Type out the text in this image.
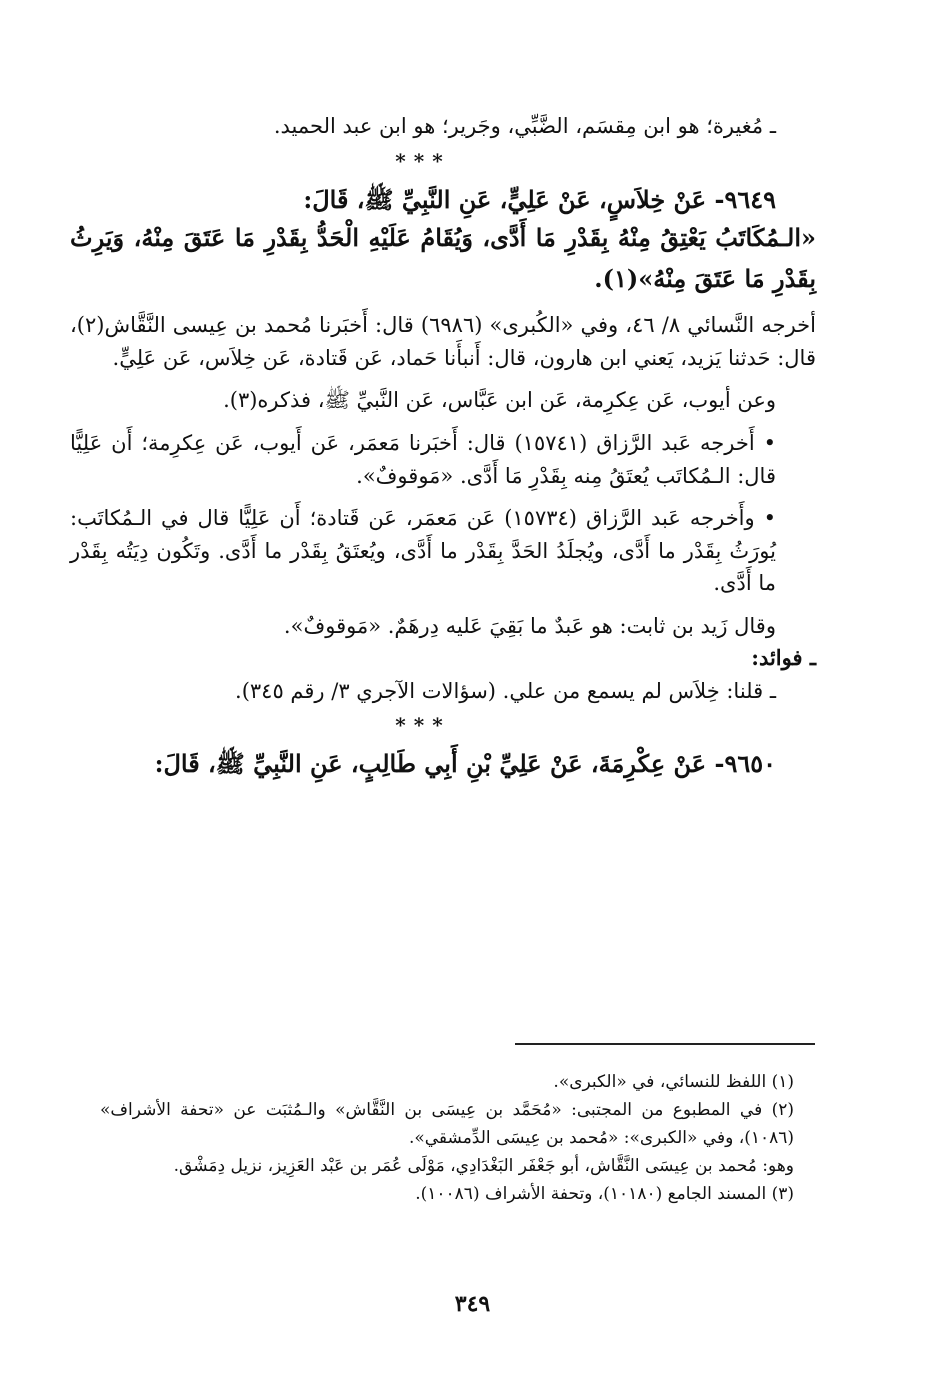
ـ مُغيرة؛ هو ابن مِقسَم، الضَّبِّي، وجَرير؛ هو ابن عبد الحميد.

***

٩٦٤٩- عَنْ خِلاَسٍ، عَنْ عَلِيٍّ، عَنِ النَّبِيِّ ﷺ، قَالَ:

«الـمُكَاتَبُ يَعْتِقُ مِنْهُ بِقَدْرِ مَا أَدَّى، وَيُقَامُ عَلَيْهِ الْحَدُّ بِقَدْرِ مَا عَتَقَ مِنْهُ، وَيَرِثُ بِقَدْرِ مَا عَتَقَ مِنْهُ»(١).

أخرجه النَّسائي ٨/ ٤٦، وفي «الكُبرى» (٦٩٨٦) قال: أَخبَرنا مُحمد بن عِيسى النَّقَّاش(٢)، قال: حَدثنا يَزيد، يَعني ابن هارون، قال: أَنبأَنا حَماد، عَن قَتادة، عَن خِلاَس، عَن عَلِيٍّ.

وعن أيوب، عَن عِكرِمة، عَن ابن عَبَّاس، عَن النَّبيِّ ﷺ، فذكره(٣).

• أَخرجه عَبد الرَّزاق (١٥٧٤١) قال: أَخبَرنا مَعمَر، عَن أَيوب، عَن عِكرِمة؛ أَن عَلِيًّا قال: الـمُكاتَب يُعتَقُ مِنه بِقَدْرِ مَا أَدَّى. «مَوقوفٌ».

• وأَخرجه عَبد الرَّزاق (١٥٧٣٤) عَن مَعمَر، عَن قَتادة؛ أَن عَلِيًّا قال في الـمُكاتَب: يُورَثُ بِقَدْر ما أَدَّى، ويُجلَدُ الحَدَّ بِقَدْر ما أَدَّى، ويُعتَقُ بِقَدْر ما أَدَّى. وتَكُون دِيَتُه بِقَدْر ما أَدَّى.

وقال زَيد بن ثابت: هو عَبدٌ ما بَقِيَ عَليه دِرهَمٌ. «مَوقوفٌ».

ـ فوائد:

ـ قلنا: خِلاَس لم يسمع من علي. (سؤالات الآجري ٣/ رقم ٣٤٥).

***

٩٦٥٠- عَنْ عِكْرِمَةَ، عَنْ عَلِيِّ بْنِ أَبِي طَالِبٍ، عَنِ النَّبِيِّ ﷺ، قَالَ:

(١) اللفظ للنسائي، في «الكبرى».

(٢) في المطبوع من المجتبى: «مُحَمَّد بن عِيسَى بن النَّقَّاش» والـمُثبَت عن «تحفة الأشراف» (١٠٨٦)، وفي «الكبرى»: «مُحمد بن عِيسَى الدِّمشقي».

وهو: مُحمد بن عِيسَى النَّقَّاش، أبو جَعْفَر البَغْدَادِي، مَوْلَى عُمَر بن عَبْد العَزِيز، نزيل دِمَشْق.

(٣) المسند الجامع (١٠١٨٠)، وتحفة الأشراف (١٠٠٨٦).

٣٤٩
